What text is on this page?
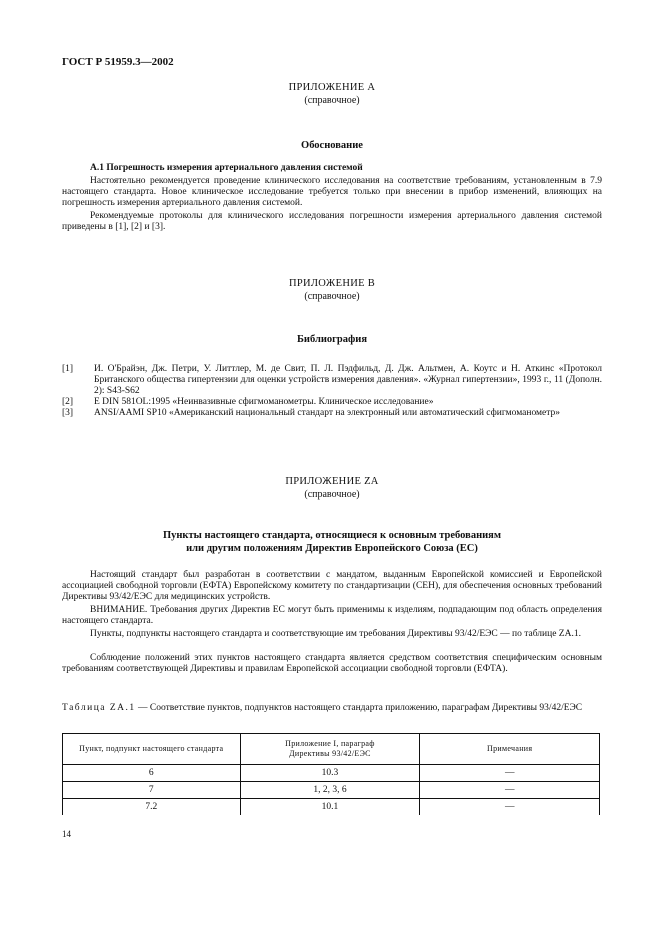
ГОСТ Р 51959.3—2002
ПРИЛОЖЕНИЕ А
(справочное)
Обоснование
А.1 Погрешность измерения артериального давления системой
Настоятельно рекомендуется проведение клинического исследования на соответствие требованиям, установленным в 7.9 настоящего стандарта. Новое клиническое исследование требуется только при внесении в прибор изменений, влияющих на погрешность измерения артериального давления системой.
Рекомендуемые протоколы для клинического исследования погрешности измерения артериального давления системой приведены в [1], [2] и [3].
ПРИЛОЖЕНИЕ В
(справочное)
Библиография
[1] И. О'Брайэн, Дж. Петри, У. Литтлер, М. де Свит, П. Л. Пэдфильд, Д. Дж. Альтмен, А. Коутс и Н. Аткинс «Протокол Британского общества гипертензии для оценки устройств измерения давления». «Журнал гипертензии», 1993 г., 11 (Дополн. 2): S43-S62
[2] Е DIN 581OL:1995 «Неинвазивные сфигмоманометры. Клиническое исследование»
[3] ANSI/AAMI SP10 «Американский национальный стандарт на электронный или автоматический сфигмоманометр»
ПРИЛОЖЕНИЕ ZA
(справочное)
Пункты настоящего стандарта, относящиеся к основным требованиям
или другим положениям Директив Европейского Союза (ЕС)
Настоящий стандарт был разработан в соответствии с мандатом, выданным Европейской комиссией и Европейской ассоциацией свободной торговли (ЕФТА) Европейскому комитету по стандартизации (СЕН), для обеспечения основных требований Директивы 93/42/ЕЭС для медицинских устройств.
ВНИМАНИЕ. Требования других Директив ЕС могут быть применимы к изделиям, подпадающим под область определения настоящего стандарта.
Пункты, подпункты настоящего стандарта и соответствующие им требования Директивы 93/42/ЕЭС — по таблице ZA.1.
Соблюдение положений этих пунктов настоящего стандарта является средством соответствия специфическим основным требованиям соответствующей Директивы и правилам Европейской ассоциации свободной торговли (ЕФТА).
Таблица ZA.1 — Соответствие пунктов, подпунктов настоящего стандарта приложению, параграфам Директивы 93/42/ЕЭС
Пункт, подпункт настоящего стандарта	Приложение I, параграф Директивы 93/42/ЕЭС	Примечания
6	10.3	—
7	1, 2, 3, 6	—
7.2	10.1	—
14
